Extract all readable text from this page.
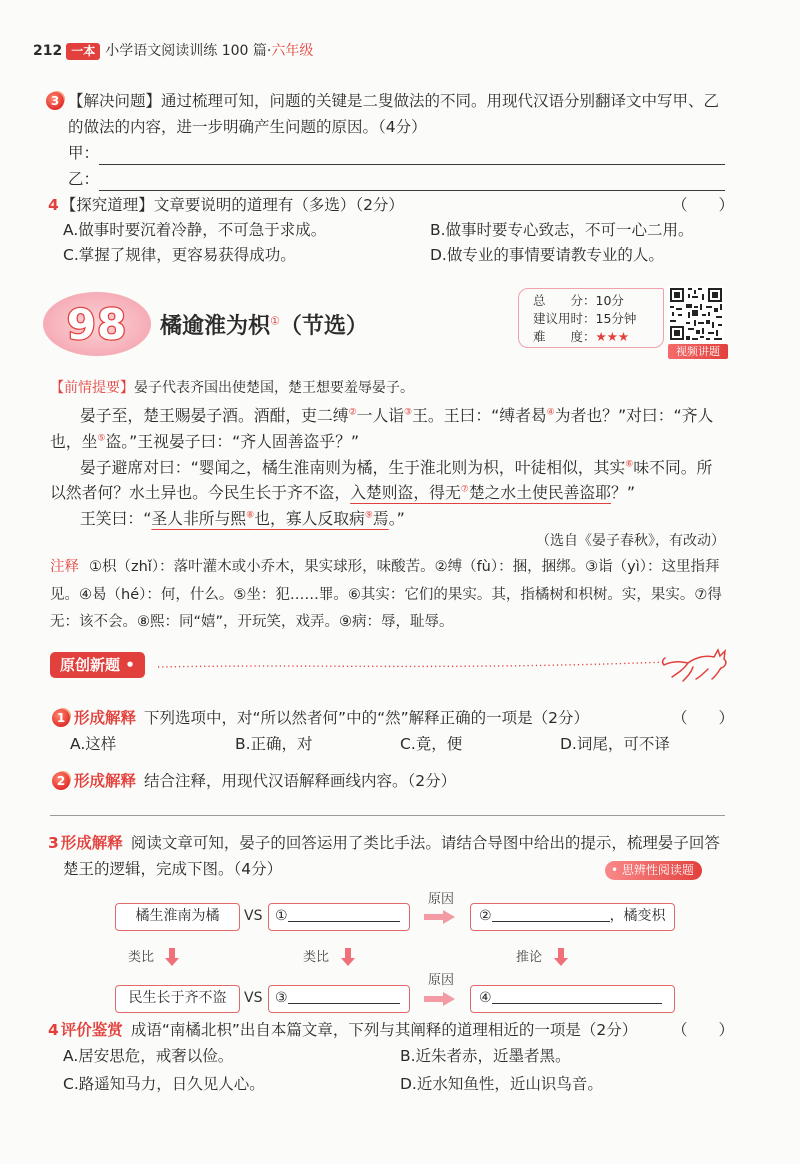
212 一本 小学语文阅读训练 100 篇·六年级
3 【解决问题】通过梳理可知，问题的关键是二叟做法的不同。用现代汉语分别翻译文中写甲、乙的做法的内容，进一步明确产生问题的原因。（4分）
甲：
乙：
4 【探究道理】文章要说明的道理有（多选）（2分）	（　　）
A.做事时要沉着冷静，不可急于求成。	B.做事时要专心致志，不可一心二用。
C.掌握了规律，更容易获得成功。	D.做专业的事情要请教专业的人。
98 橘逾淮为枳①（节选）
总　　分：10分
建议用时：15分钟
难　　度：★★★
视频讲题
【前情提要】晏子代表齐国出使楚国，楚王想要羞辱晏子。

晏子至，楚王赐晏子酒。酒酣，吏二缚②一人诣③王。王曰：“缚者曷④为者也？”对曰：“齐人也，坐⑤盗。”王视晏子曰：“齐人固善盗乎？”

晏子避席对曰：“婴闻之，橘生淮南则为橘，生于淮北则为枳，叶徒相似，其实⑥味不同。所以然者何？水土异也。今民生长于齐不盗，入楚则盗，得无⑦楚之水土使民善盗耶？”

王笑曰：“圣人非所与熙⑧也，寡人反取病⑨焉。”

（选自《晏子春秋》，有改动）
注释 ①枳（zhǐ）：落叶灌木或小乔木，果实球形，味酸苦。②缚（fù）：捆，捆绑。③诣（yì）：这里指拜见。④曷（hé）：何，什么。⑤坐：犯……罪。⑥其实：它们的果实。其，指橘树和枳树。实，果实。⑦得无：该不会。⑧熙：同“嬉”，开玩笑，戏弄。⑨病：辱，耻辱。
原创新题 •
1 形成解释 下列选项中，对“所以然者何”中的“然”解释正确的一项是（2分）	（　　）
A.这样	B.正确，对	C.竟，便	D.词尾，可不译
2 形成解释 结合注释，用现代汉语解释画线内容。（2分）
3 形成解释 阅读文章可知，晏子的回答运用了类比手法。请结合导图中给出的提示，梳理晏子回答楚王的逻辑，完成下图。（4分）	• 思辨性阅读题
橘生淮南为橘	VS ①
原因
②	，橘变枳
类比	类比	推论
民生长于齐不盗	VS ③
原因
④
4 评价鉴赏 成语“南橘北枳”出自本篇文章，下列与其阐释的道理相近的一项是（2分）	（　　）
A.居安思危，戒奢以俭。	B.近朱者赤，近墨者黑。
C.路遥知马力，日久见人心。	D.近水知鱼性，近山识鸟音。
